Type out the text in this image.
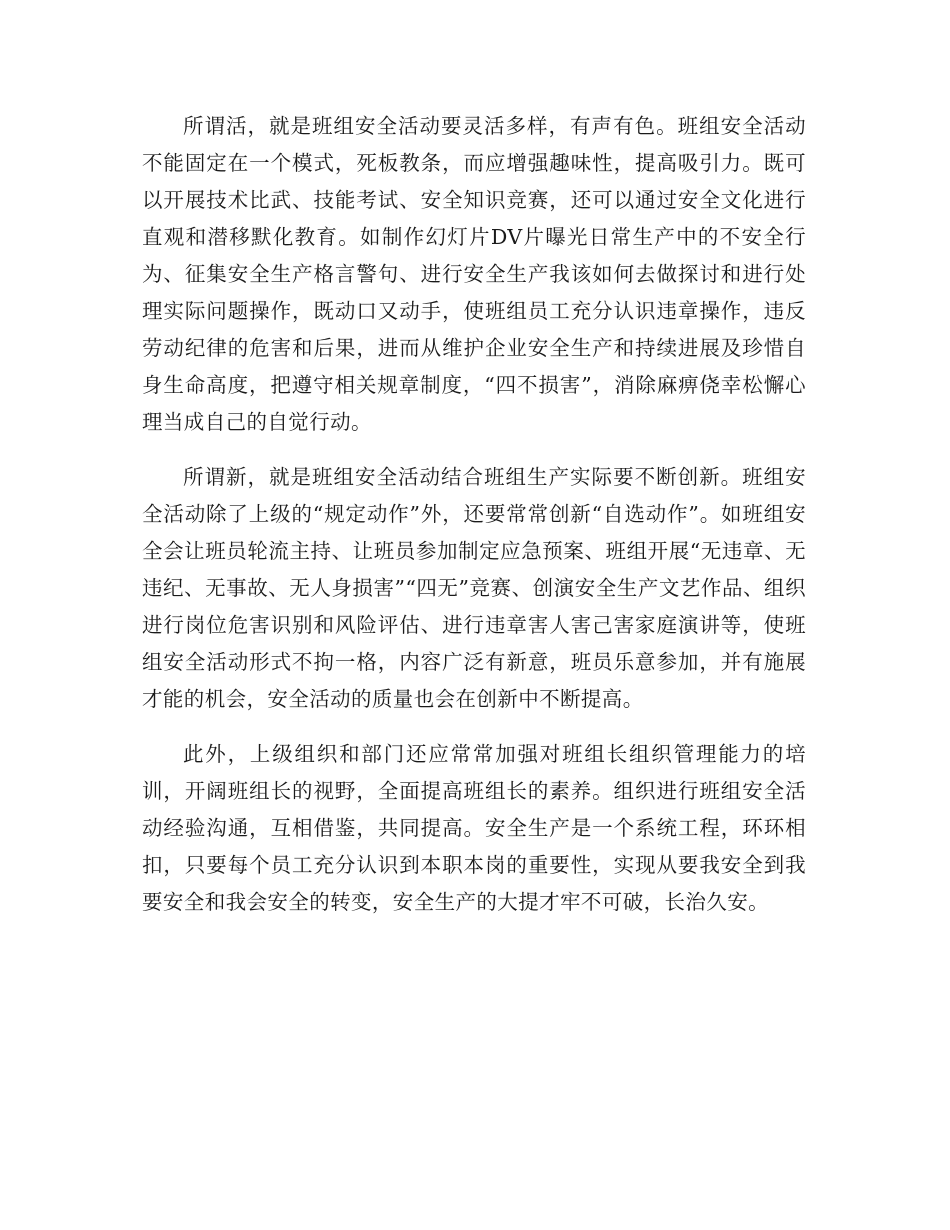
所谓活，就是班组安全活动要灵活多样，有声有色。班组安全活动不能固定在一个模式，死板教条，而应增强趣味性，提高吸引力。既可以开展技术比武、技能考试、安全知识竞赛，还可以通过安全文化进行直观和潜移默化教育。如制作幻灯片DV片曝光日常生产中的不安全行为、征集安全生产格言警句、进行安全生产我该如何去做探讨和进行处理实际问题操作，既动口又动手，使班组员工充分认识违章操作，违反劳动纪律的危害和后果，进而从维护企业安全生产和持续进展及珍惜自身生命高度，把遵守相关规章制度，“四不损害”，消除麻痹侥幸松懈心理当成自己的自觉行动。

所谓新，就是班组安全活动结合班组生产实际要不断创新。班组安全活动除了上级的“规定动作”外，还要常常创新“自选动作”。如班组安全会让班员轮流主持、让班员参加制定应急预案、班组开展“无违章、无违纪、无事故、无人身损害”“四无”竞赛、创演安全生产文艺作品、组织进行岗位危害识别和风险评估、进行违章害人害己害家庭演讲等，使班组安全活动形式不拘一格，内容广泛有新意，班员乐意参加，并有施展才能的机会，安全活动的质量也会在创新中不断提高。

此外，上级组织和部门还应常常加强对班组长组织管理能力的培训，开阔班组长的视野，全面提高班组长的素养。组织进行班组安全活动经验沟通，互相借鉴，共同提高。安全生产是一个系统工程，环环相扣，只要每个员工充分认识到本职本岗的重要性，实现从要我安全到我要安全和我会安全的转变，安全生产的大提才牢不可破，长治久安。
